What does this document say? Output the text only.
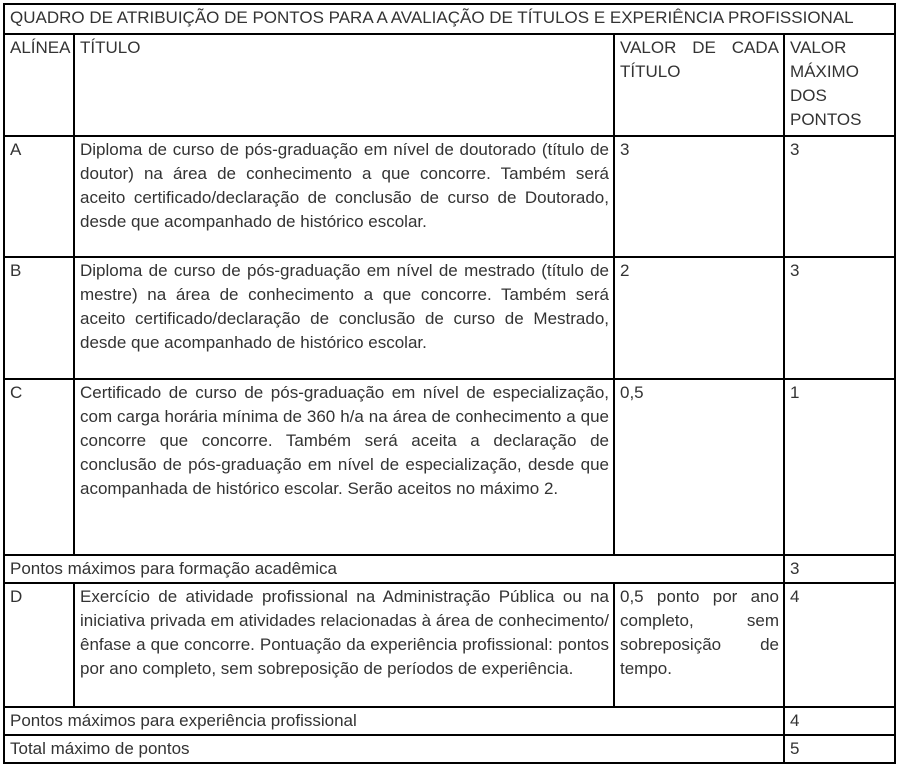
QUADRO DE ATRIBUIÇÃO DE PONTOS PARA A AVALIAÇÃO DE TÍTULOS E EXPERIÊNCIA PROFISSIONAL			
ALÍNEA	TÍTULO	VALOR DE CADA TÍTULO	VALOR MÁXIMO DOS PONTOS
A	Diploma de curso de pós-graduação em nível de doutorado (título de doutor) na área de conhecimento a que concorre. Também será aceito certificado/declaração de conclusão de curso de Doutorado, desde que acompanhado de histórico escolar.	3	3
B	Diploma de curso de pós-graduação em nível de mestrado (título de mestre) na área de conhecimento a que concorre. Também será aceito certificado/declaração de conclusão de curso de Mestrado, desde que acompanhado de histórico escolar.	2	3
C	Certificado de curso de pós-graduação em nível de especialização, com carga horária mínima de 360 h/a na área de conhecimento a que concorre que concorre. Também será aceita a declaração de conclusão de pós-graduação em nível de especialização, desde que acompanhada de histórico escolar. Serão aceitos no máximo 2.	0,5	1
Pontos máximos para formação acadêmica			3
D	Exercício de atividade profissional na Administração Pública ou na iniciativa privada em atividades relacionadas à área de conhecimento/ênfase a que concorre. Pontuação da experiência profissional: pontos por ano completo, sem sobreposição de períodos de experiência.	0,5 ponto por ano completo, sem sobreposição de tempo.	4
Pontos máximos para experiência profissional			4
Total máximo de pontos			5
